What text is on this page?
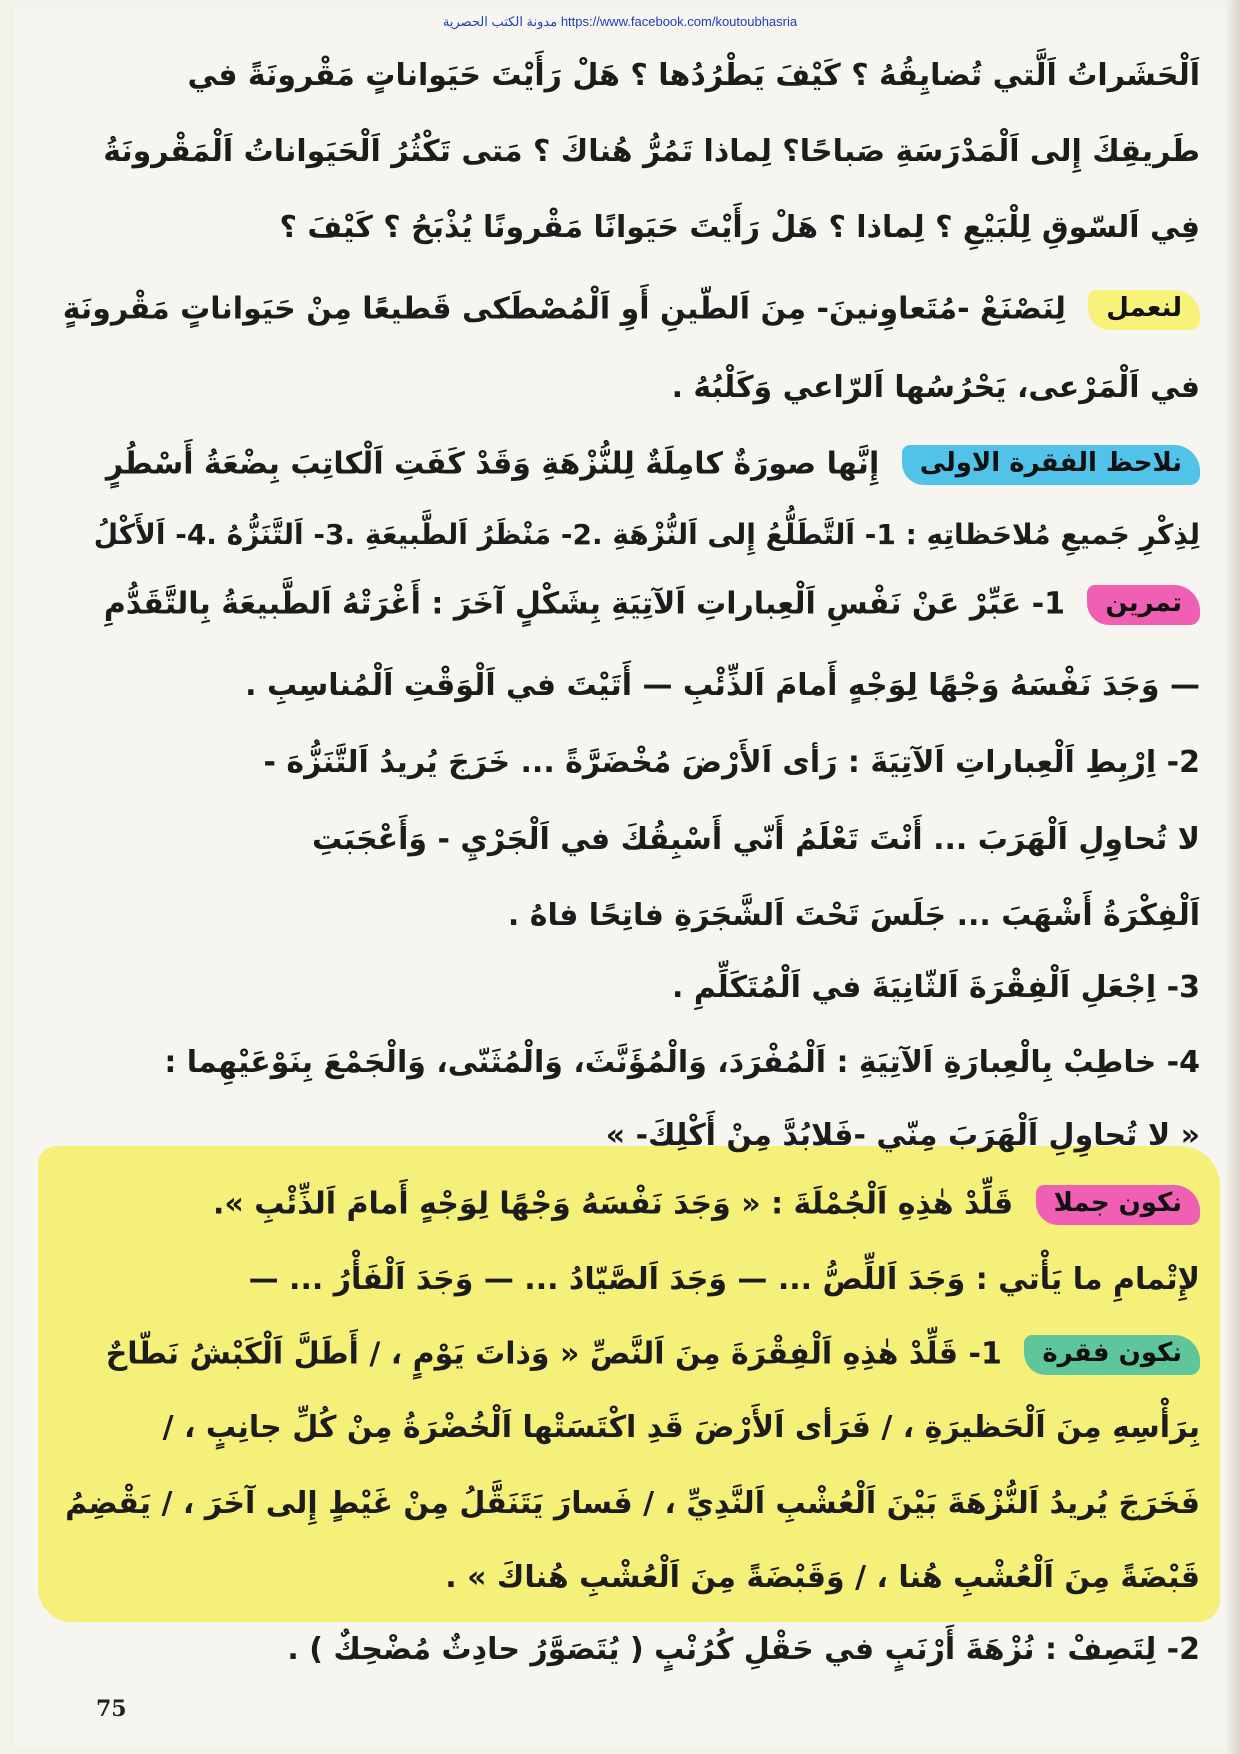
مدونة الكتب الحصرية https://www.facebook.com/koutoubhasria
اَلْحَشَراتُ اَلَّتي تُضايِقُهُ ؟ كَيْفَ يَطْرُدُها ؟ هَلْ رَأَيْتَ حَيَواناتٍ مَقْرونَةً في
طَريقِكَ إِلى اَلْمَدْرَسَةِ صَباحًا؟ لِماذا تَمُرُّ هُناكَ ؟ مَتى تَكْثُرُ اَلْحَيَواناتُ اَلْمَقْرونَةُ
فِي اَلسّوقِ لِلْبَيْعِ ؟ لِماذا ؟ هَلْ رَأَيْتَ حَيَوانًا مَقْرونًا يُذْبَحُ ؟ كَيْفَ ؟
لنعمل لِنَصْنَعْ -مُتَعاوِنينَ- مِنَ اَلطّينِ أَوِ اَلْمُصْطَكى قَطيعًا مِنْ حَيَواناتٍ مَقْرونَةٍ
في اَلْمَرْعى، يَحْرُسُها اَلرّاعي وَكَلْبُهُ .
نلاحظ الفقرة الاولى إِنَّها صورَةٌ كامِلَةٌ لِلنُّزْهَةِ وَقَدْ كَفَتِ اَلْكاتِبَ بِضْعَةُ أَسْطُرٍ
لِذِكْرِ جَميعِ مُلاحَظاتِهِ : 1- اَلتَّطَلُّعُ إِلى اَلنُّزْهَةِ .2- مَنْظَرُ اَلطَّبيعَةِ .3- اَلتَّنَزُّهُ .4- اَلأَكْلُ
تمرين 1- عَبِّرْ عَنْ نَفْسِ اَلْعِباراتِ اَلآتِيَةِ بِشَكْلٍ آخَرَ : أَغْرَتْهُ اَلطَّبيعَةُ بِالتَّقَدُّمِ
— وَجَدَ نَفْسَهُ وَجْهًا لِوَجْهٍ أَمامَ اَلذِّئْبِ — أَتَيْتَ في اَلْوَقْتِ اَلْمُناسِبِ .
2- اِرْبِطِ اَلْعِباراتِ اَلآتِيَةَ : رَأى اَلأَرْضَ مُخْضَرَّةً ... خَرَجَ يُريدُ اَلتَّنَزُّهَ -
لا تُحاوِلِ اَلْهَرَبَ ... أَنْتَ تَعْلَمُ أَنّي أَسْبِقُكَ في اَلْجَرْيِ - وَأَعْجَبَتِ
اَلْفِكْرَةُ أَشْهَبَ ... جَلَسَ تَحْتَ اَلشَّجَرَةِ فاتِحًا فاهُ .
3- اِجْعَلِ اَلْفِقْرَةَ اَلثّانِيَةَ في اَلْمُتَكَلِّمِ .
4- خاطِبْ بِالْعِبارَةِ اَلآتِيَةِ : اَلْمُفْرَدَ، وَالْمُؤَنَّثَ، وَالْمُثَنّى، وَالْجَمْعَ بِنَوْعَيْهِما :
« لا تُحاوِلِ اَلْهَرَبَ مِنّي -فَلابُدَّ مِنْ أَكْلِكَ- »
نكون جملا قَلِّدْ هٰذِهِ اَلْجُمْلَةَ : « وَجَدَ نَفْسَهُ وَجْهًا لِوَجْهٍ أَمامَ اَلذِّئْبِ ».
لإِتْمامِ ما يَأْتي : وَجَدَ اَللِّصُّ ... — وَجَدَ اَلصَّيّادُ ... — وَجَدَ اَلْفَأْرُ ... —
نكون فقرة 1- قَلِّدْ هٰذِهِ اَلْفِقْرَةَ مِنَ اَلنَّصِّ « وَذاتَ يَوْمٍ ، / أَطَلَّ اَلْكَبْشُ نَطّاحٌ
بِرَأْسِهِ مِنَ اَلْحَظيرَةِ ، / فَرَأى اَلأَرْضَ قَدِ اكْتَسَتْها اَلْخُضْرَةُ مِنْ كُلِّ جانِبٍ ، /
فَخَرَجَ يُريدُ اَلنُّزْهَةَ بَيْنَ اَلْعُشْبِ اَلنَّدِيِّ ، / فَسارَ يَتَنَقَّلُ مِنْ غَيْطٍ إِلى آخَرَ ، / يَقْضِمُ
قَبْضَةً مِنَ اَلْعُشْبِ هُنا ، / وَقَبْضَةً مِنَ اَلْعُشْبِ هُناكَ » .
2- لِتَصِفْ : نُزْهَةَ أَرْنَبٍ في حَقْلِ كُرُنْبٍ ( يُتَصَوَّرُ حادِثٌ مُضْحِكٌ ) .
75
